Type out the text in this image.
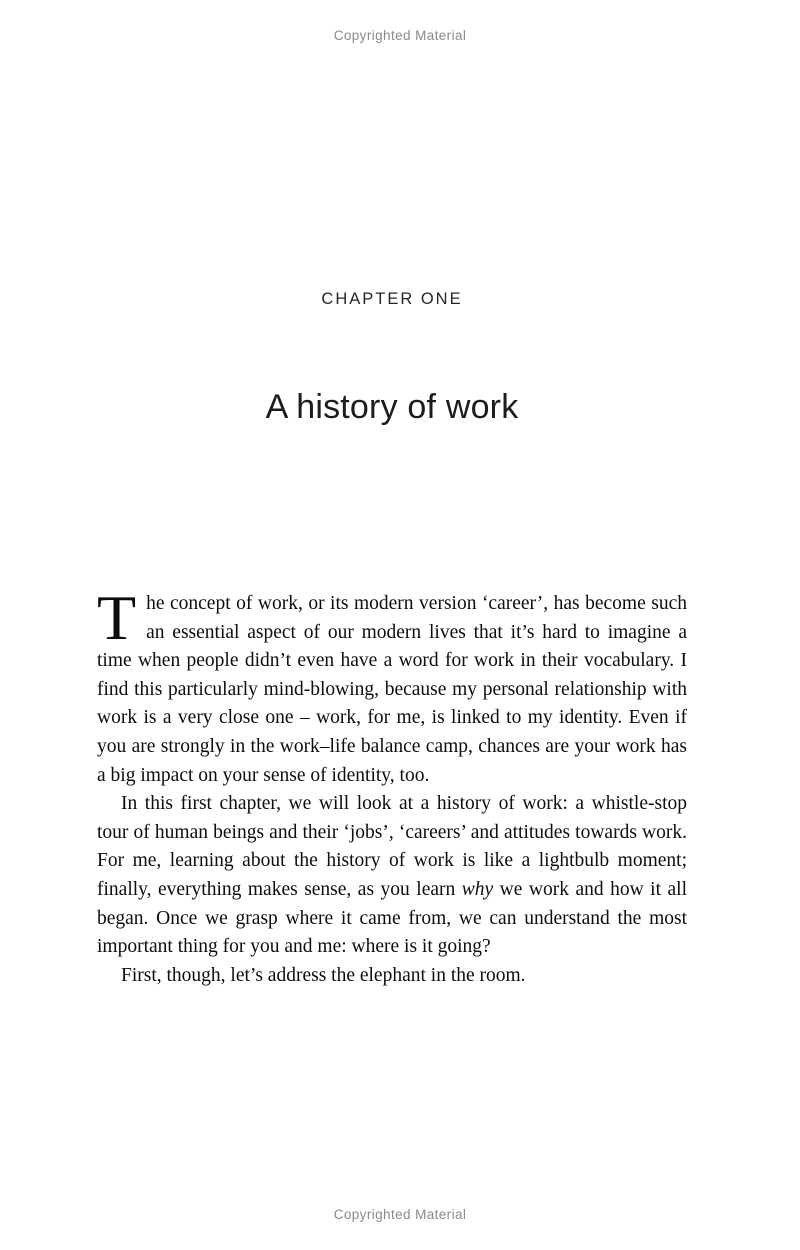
Copyrighted Material
CHAPTER ONE
A history of work

The concept of work, or its modern version ‘career’, has become such an essential aspect of our modern lives that it’s hard to imagine a time when people didn’t even have a word for work in their vocabulary. I find this particularly mind-blowing, because my personal relationship with work is a very close one – work, for me, is linked to my identity. Even if you are strongly in the work–life balance camp, chances are your work has a big impact on your sense of identity, too.

In this first chapter, we will look at a history of work: a whistle-stop tour of human beings and their ‘jobs’, ‘careers’ and attitudes towards work. For me, learning about the history of work is like a lightbulb moment; finally, everything makes sense, as you learn why we work and how it all began. Once we grasp where it came from, we can understand the most important thing for you and me: where is it going?

First, though, let’s address the elephant in the room.

Copyrighted Material
